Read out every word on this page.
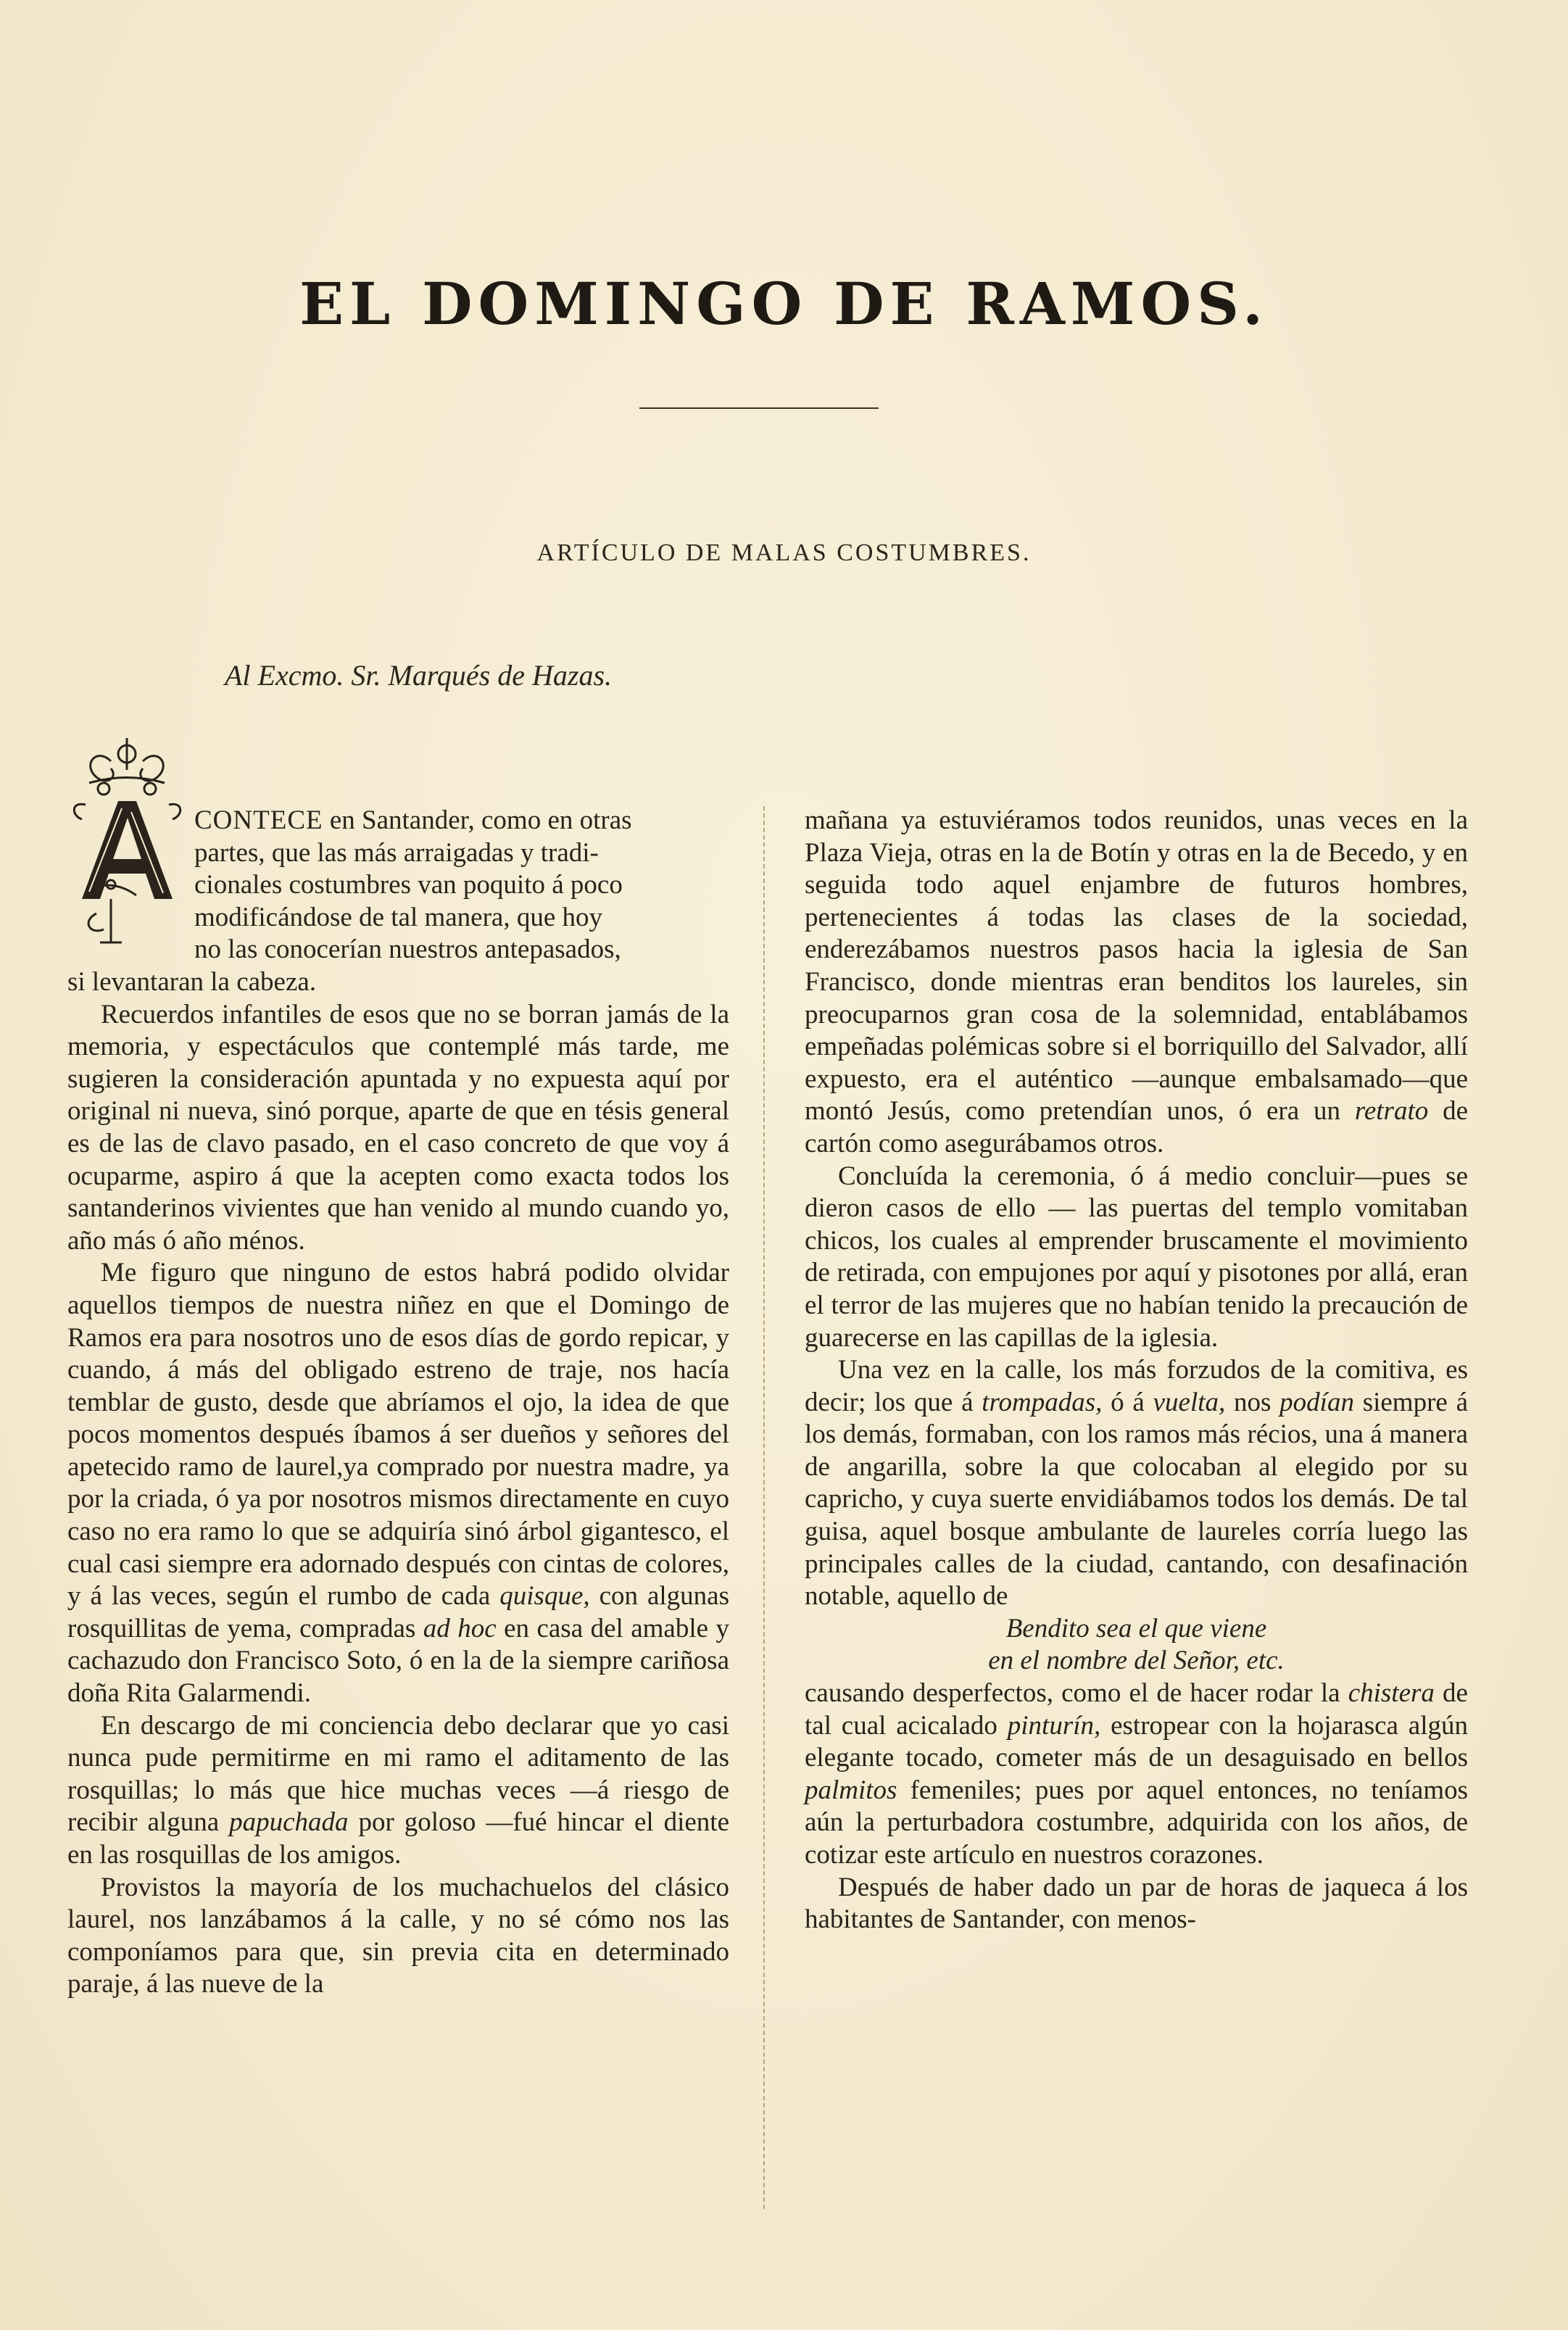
EL DOMINGO DE RAMOS.
ARTÍCULO DE MALAS COSTUMBRES.
Al Excmo. Sr. Marqués de Hazas.

CONTECE en Santander, como en otras
partes, que las más arraigadas y tradi-
cionales costumbres van poquito á poco
modificándose de tal manera, que hoy
no las conocerían nuestros antepasados,
si levantaran la cabeza.

Recuerdos infantiles de esos que no se borran jamás de la memoria, y espectáculos que contemplé más tarde, me sugieren la consideración apuntada y no expuesta aquí por original ni nueva, sinó porque, aparte de que en tésis general es de las de clavo pasado, en el caso concreto de que voy á ocuparme, aspiro á que la acepten como exacta todos los santanderinos vivientes que han venido al mundo cuando yo, año más ó año ménos.

Me figuro que ninguno de estos habrá podido olvidar aquellos tiempos de nuestra niñez en que el Domingo de Ramos era para nosotros uno de esos días de gordo repicar, y cuando, á más del obligado estreno de traje, nos hacía temblar de gusto, desde que abríamos el ojo, la idea de que pocos momentos después íbamos á ser dueños y señores del apetecido ramo de laurel,ya comprado por nuestra madre, ya por la criada, ó ya por nosotros mismos directamente en cuyo caso no era ramo lo que se adquiría sinó árbol gigantesco, el cual casi siempre era adornado después con cintas de colores, y á las veces, según el rumbo de cada quisque, con algunas rosquillitas de yema, compradas ad hoc en casa del amable y cachazudo don Francisco Soto, ó en la de la siempre cariñosa doña Rita Galarmendi.

En descargo de mi conciencia debo declarar que yo casi nunca pude permitirme en mi ramo el aditamento de las rosquillas; lo más que hice muchas veces —á riesgo de recibir alguna papuchada por goloso —fué hincar el diente en las rosquillas de los amigos.

Provistos la mayoría de los muchachuelos del clásico laurel, nos lanzábamos á la calle, y no sé cómo nos las componíamos para que, sin previa cita en determinado paraje, á las nueve de la

mañana ya estuviéramos todos reunidos, unas veces en la Plaza Vieja, otras en la de Botín y otras en la de Becedo, y en seguida todo aquel enjambre de futuros hombres, pertenecientes á todas las clases de la sociedad, enderezábamos nuestros pasos hacia la iglesia de San Francisco, donde mientras eran benditos los laureles, sin preocuparnos gran cosa de la solemnidad, entablábamos empeñadas polémicas sobre si el borriquillo del Salvador, allí expuesto, era el auténtico —aunque embalsamado—que montó Jesús, como pretendían unos, ó era un retrato de cartón como asegurábamos otros.

Concluída la ceremonia, ó á medio concluir—pues se dieron casos de ello — las puertas del templo vomitaban chicos, los cuales al emprender bruscamente el movimiento de retirada, con empujones por aquí y pisotones por allá, eran el terror de las mujeres que no habían tenido la precaución de guarecerse en las capillas de la iglesia.

Una vez en la calle, los más forzudos de la comitiva, es decir; los que á trompadas, ó á vuelta, nos podían siempre á los demás, formaban, con los ramos más récios, una á manera de angarilla, sobre la que colocaban al elegido por su capricho, y cuya suerte envidiábamos todos los demás. De tal guisa, aquel bosque ambulante de laureles corría luego las principales calles de la ciudad, cantando, con desafinación notable, aquello de

Bendito sea el que viene
en el nombre del Señor, etc.

causando desperfectos, como el de hacer rodar la chistera de tal cual acicalado pinturín, estropear con la hojarasca algún elegante tocado, cometer más de un desaguisado en bellos palmitos femeniles; pues por aquel entonces, no teníamos aún la perturbadora costumbre, adquirida con los años, de cotizar este artículo en nuestros corazones.

Después de haber dado un par de horas de jaqueca á los habitantes de Santander, con menos-
